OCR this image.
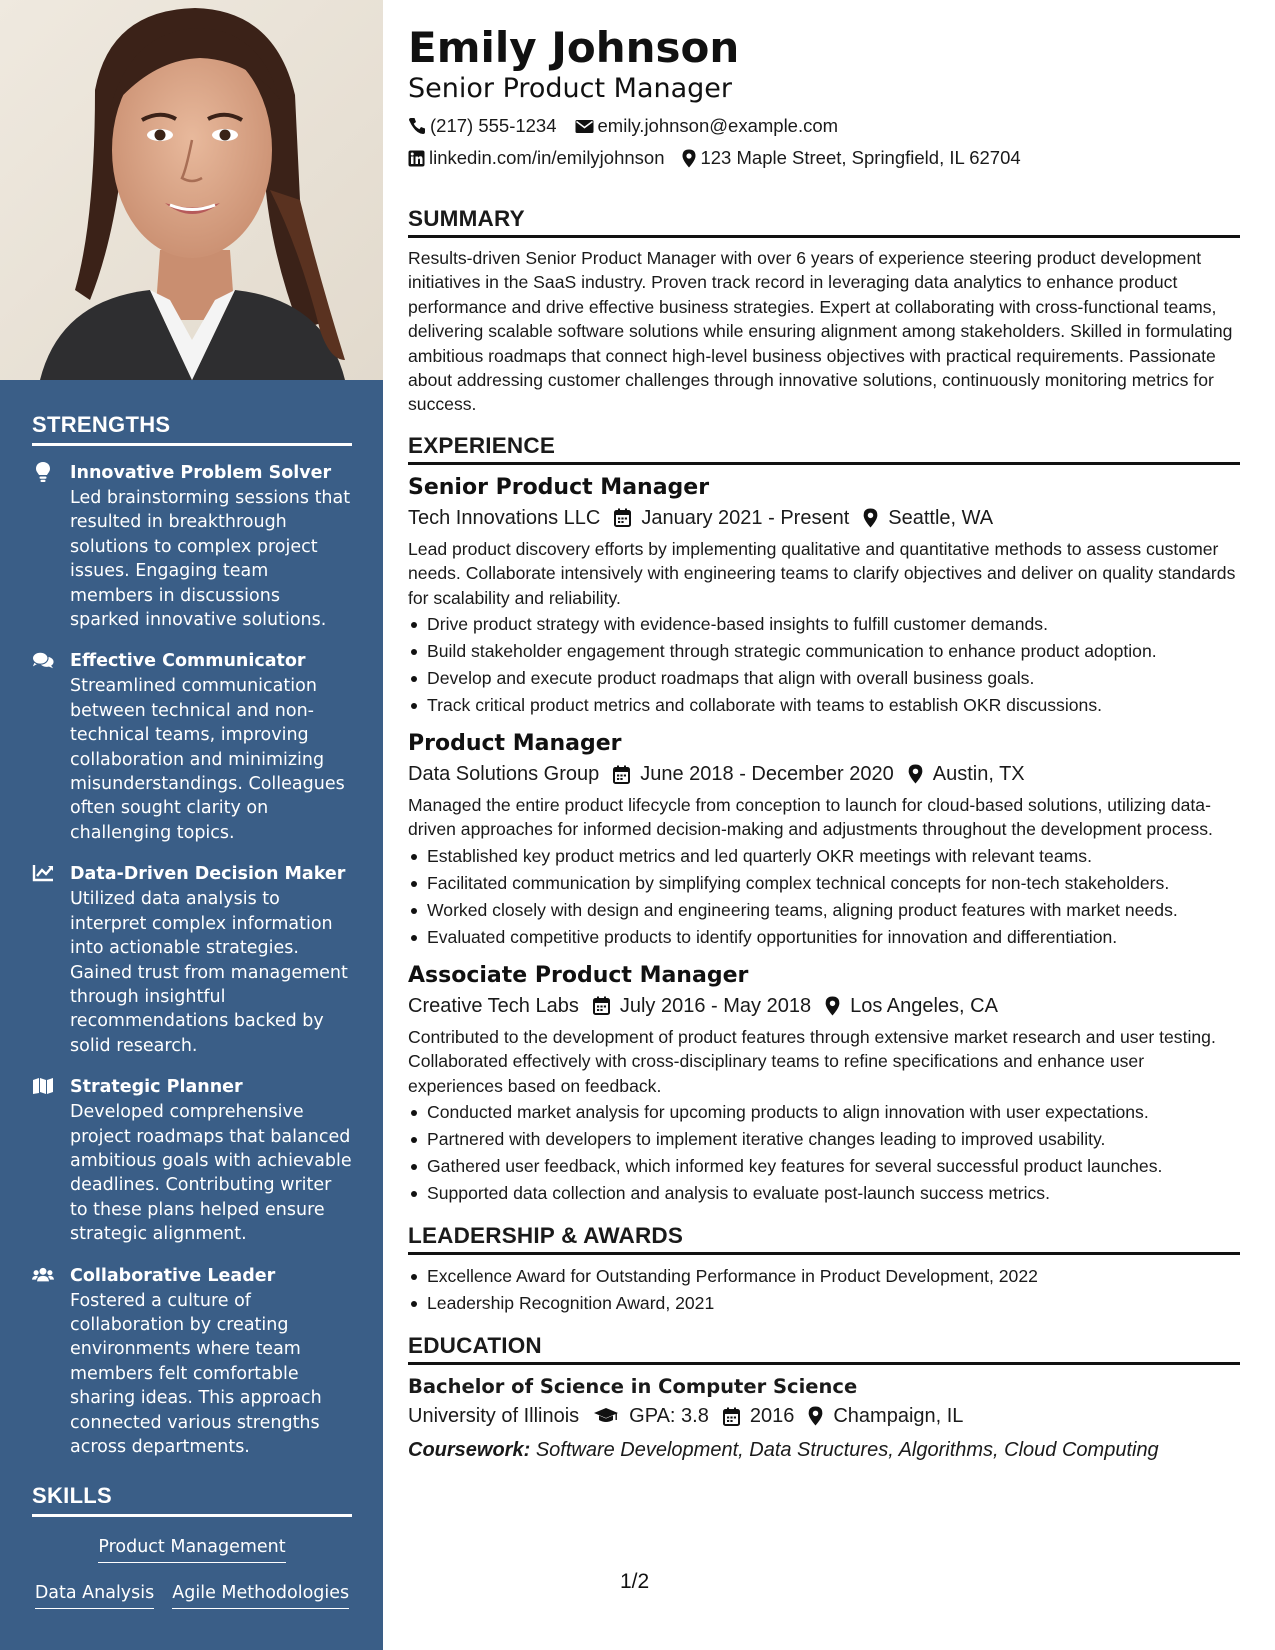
STRENGTHS
Innovative Problem Solver
Led brainstorming sessions that resulted in breakthrough solutions to complex project issues. Engaging team members in discussions sparked innovative solutions.
Effective Communicator
Streamlined communication between technical and non-technical teams, improving collaboration and minimizing misunderstandings. Colleagues often sought clarity on challenging topics.
Data-Driven Decision Maker
Utilized data analysis to interpret complex information into actionable strategies. Gained trust from management through insightful recommendations backed by solid research.
Strategic Planner
Developed comprehensive project roadmaps that balanced ambitious goals with achievable deadlines. Contributing writer to these plans helped ensure strategic alignment.
Collaborative Leader
Fostered a culture of collaboration by creating environments where team members felt comfortable sharing ideas. This approach connected various strengths across departments.
SKILLS
Product Management
Data Analysis Agile Methodologies
Emily Johnson
Senior Product Manager
(217) 555-1234 emily.johnson@example.com
linkedin.com/in/emilyjohnson 123 Maple Street, Springfield, IL 62704
SUMMARY

Results-driven Senior Product Manager with over 6 years of experience steering product development initiatives in the SaaS industry. Proven track record in leveraging data analytics to enhance product performance and drive effective business strategies. Expert at collaborating with cross-functional teams, delivering scalable software solutions while ensuring alignment among stakeholders. Skilled in formulating ambitious roadmaps that connect high-level business objectives with practical requirements. Passionate about addressing customer challenges through innovative solutions, continuously monitoring metrics for success.

EXPERIENCE
Senior Product Manager
Tech Innovations LLC January 2021 - Present Seattle, WA

Lead product discovery efforts by implementing qualitative and quantitative methods to assess customer needs. Collaborate intensively with engineering teams to clarify objectives and deliver on quality standards for scalability and reliability.

Drive product strategy with evidence-based insights to fulfill customer demands.
Build stakeholder engagement through strategic communication to enhance product adoption.
Develop and execute product roadmaps that align with overall business goals.
Track critical product metrics and collaborate with teams to establish OKR discussions.
Product Manager
Data Solutions Group June 2018 - December 2020 Austin, TX

Managed the entire product lifecycle from conception to launch for cloud-based solutions, utilizing data-driven approaches for informed decision-making and adjustments throughout the development process.

Established key product metrics and led quarterly OKR meetings with relevant teams.
Facilitated communication by simplifying complex technical concepts for non-tech stakeholders.
Worked closely with design and engineering teams, aligning product features with market needs.
Evaluated competitive products to identify opportunities for innovation and differentiation.
Associate Product Manager
Creative Tech Labs July 2016 - May 2018 Los Angeles, CA

Contributed to the development of product features through extensive market research and user testing. Collaborated effectively with cross-disciplinary teams to refine specifications and enhance user experiences based on feedback.

Conducted market analysis for upcoming products to align innovation with user expectations.
Partnered with developers to implement iterative changes leading to improved usability.
Gathered user feedback, which informed key features for several successful product launches.
Supported data collection and analysis to evaluate post-launch success metrics.
LEADERSHIP & AWARDS
Excellence Award for Outstanding Performance in Product Development, 2022
Leadership Recognition Award, 2021
EDUCATION
Bachelor of Science in Computer Science
University of Illinois	GPA: 3.8 2016 Champaign, IL
Coursework: Software Development, Data Structures, Algorithms, Cloud Computing
1/2
